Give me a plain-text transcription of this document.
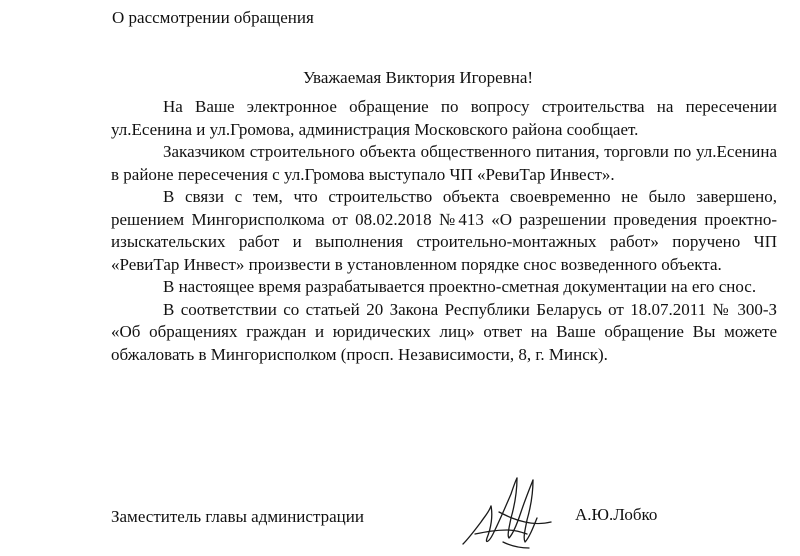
О рассмотрении обращения
Уважаемая Виктория Игоревна!

На Ваше электронное обращение по вопросу строительства на пересечении ул.Есенина и ул.Громова, администрация Московского района сообщает.

Заказчиком строительного объекта общественного питания, торговли по ул.Есенина в районе пересечения с ул.Громова выступало ЧП «РевиТар Инвест».

В связи с тем, что строительство объекта своевременно не было завершено, решением Мингорисполкома от 08.02.2018 №413 «О разрешении проведения проектно-изыскательских работ и выполнения строительно-монтажных работ» поручено ЧП «РевиТар Инвест» произвести в установленном порядке снос возведенного объекта.

В настоящее время разрабатывается проектно-сметная документации на его снос.

В соответствии со статьей 20 Закона Республики Беларусь от 18.07.2011 № 300-З «Об обращениях граждан и юридических лиц» ответ на Ваше обращение Вы можете обжаловать в Мингорисполком (просп. Независимости, 8, г. Минск).

Заместитель главы администрации	А.Ю.Лобко
